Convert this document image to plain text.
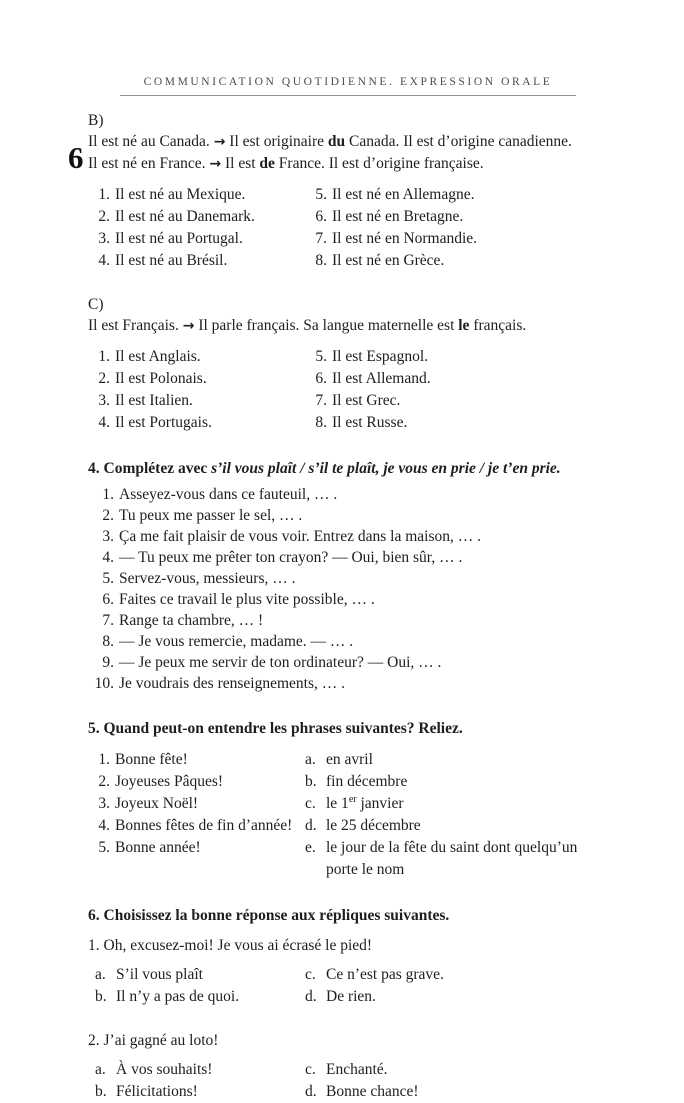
6
COMMUNICATION QUOTIDIENNE. EXPRESSION ORALE
B)
Il est né au Canada. → Il est originaire du Canada. Il est d’origine canadienne.
Il est né en France. → Il est de France. Il est d’origine française.
1. Il est né au Mexique.
2. Il est né au Danemark.
3. Il est né au Portugal.
4. Il est né au Brésil.
5. Il est né en Allemagne.
6. Il est né en Bretagne.
7. Il est né en Normandie.
8. Il est né en Grèce.
C)
Il est Français. → Il parle français. Sa langue maternelle est le français.
1. Il est Anglais.
2. Il est Polonais.
3. Il est Italien.
4. Il est Portugais.
5. Il est Espagnol.
6. Il est Allemand.
7. Il est Grec.
8. Il est Russe.
4. Complétez avec s’il vous plaît / s’il te plaît, je vous en prie / je t’en prie.
1. Asseyez-vous dans ce fauteuil, … .
2. Tu peux me passer le sel, … .
3. Ça me fait plaisir de vous voir. Entrez dans la maison, … .
4. — Tu peux me prêter ton crayon? — Oui, bien sûr, … .
5. Servez-vous, messieurs, … .
6. Faites ce travail le plus vite possible, … .
7. Range ta chambre, … !
8. — Je vous remercie, madame. — … .
9. — Je peux me servir de ton ordinateur? — Oui, … .
10. Je voudrais des renseignements, … .
5. Quand peut-on entendre les phrases suivantes? Reliez.
1. Bonne fête!
2. Joyeuses Pâques!
3. Joyeux Noël!
4. Bonnes fêtes de fin d’année!
5. Bonne année!
a. en avril
b. fin décembre
c. le 1er janvier
d. le 25 décembre
e. le jour de la fête du saint dont quelqu’un porte le nom
6. Choisissez la bonne réponse aux répliques suivantes.
1. Oh, excusez-moi! Je vous ai écrasé le pied!
a. S’il vous plaît
b. Il n’y a pas de quoi.
c. Ce n’est pas grave.
d. De rien.
2. J’ai gagné au loto!
a. À vos souhaits!
b. Félicitations!
c. Enchanté.
d. Bonne chance!
